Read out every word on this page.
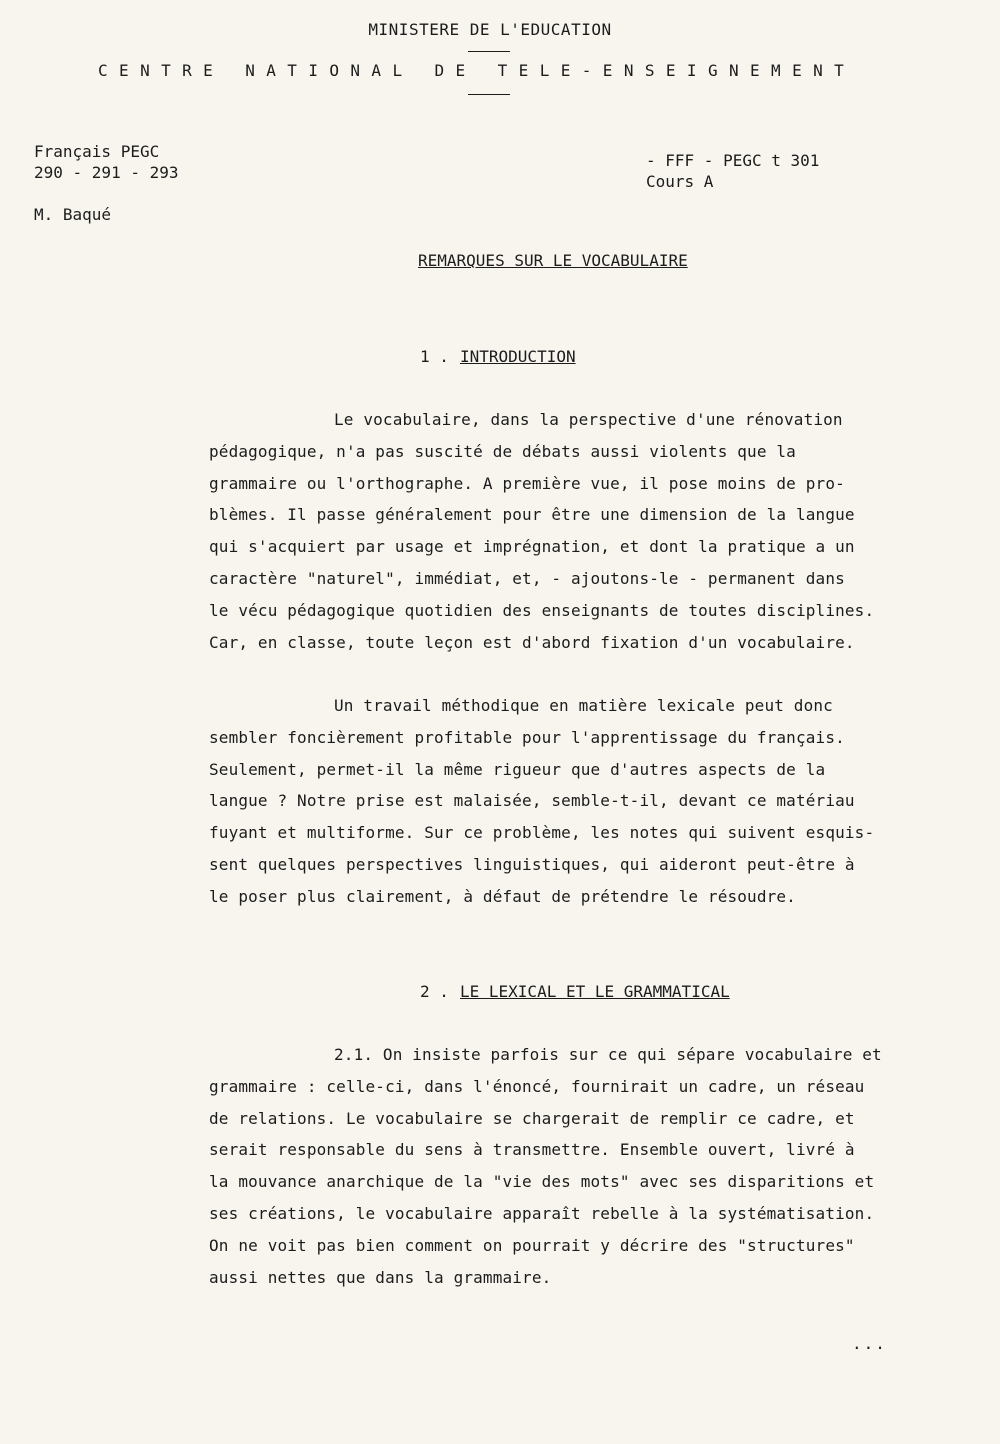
MINISTERE DE L'EDUCATION
CENTRE NATIONAL DE TELE-ENSEIGNEMENT
Français PEGC
290 - 291 - 293
M. Baqué
- FFF - PEGC t 301
Cours A
REMARQUES SUR LE VOCABULAIRE
1 . INTRODUCTION
Le vocabulaire, dans la perspective d'une rénovation
pédagogique, n'a pas suscité de débats aussi violents que la
grammaire ou l'orthographe. A première vue, il pose moins de pro-
blèmes. Il passe généralement pour être une dimension de la langue
qui s'acquiert par usage et imprégnation, et dont la pratique a un
caractère "naturel", immédiat, et, - ajoutons-le - permanent dans
le vécu pédagogique quotidien des enseignants de toutes disciplines.
Car, en classe, toute leçon est d'abord fixation d'un vocabulaire.
Un travail méthodique en matière lexicale peut donc
sembler foncièrement profitable pour l'apprentissage du français.
Seulement, permet-il la même rigueur que d'autres aspects de la
langue ? Notre prise est malaisée, semble-t-il, devant ce matériau
fuyant et multiforme. Sur ce problème, les notes qui suivent esquis-
sent quelques perspectives linguistiques, qui aideront peut-être à
le poser plus clairement, à défaut de prétendre le résoudre.
2 . LE LEXICAL ET LE GRAMMATICAL
2.1. On insiste parfois sur ce qui sépare vocabulaire et
grammaire : celle-ci, dans l'énoncé, fournirait un cadre, un réseau
de relations. Le vocabulaire se chargerait de remplir ce cadre, et
serait responsable du sens à transmettre. Ensemble ouvert, livré à
la mouvance anarchique de la "vie des mots" avec ses disparitions et
ses créations, le vocabulaire apparaît rebelle à la systématisation.
On ne voit pas bien comment on pourrait y décrire des "structures"
aussi nettes que dans la grammaire.
...
